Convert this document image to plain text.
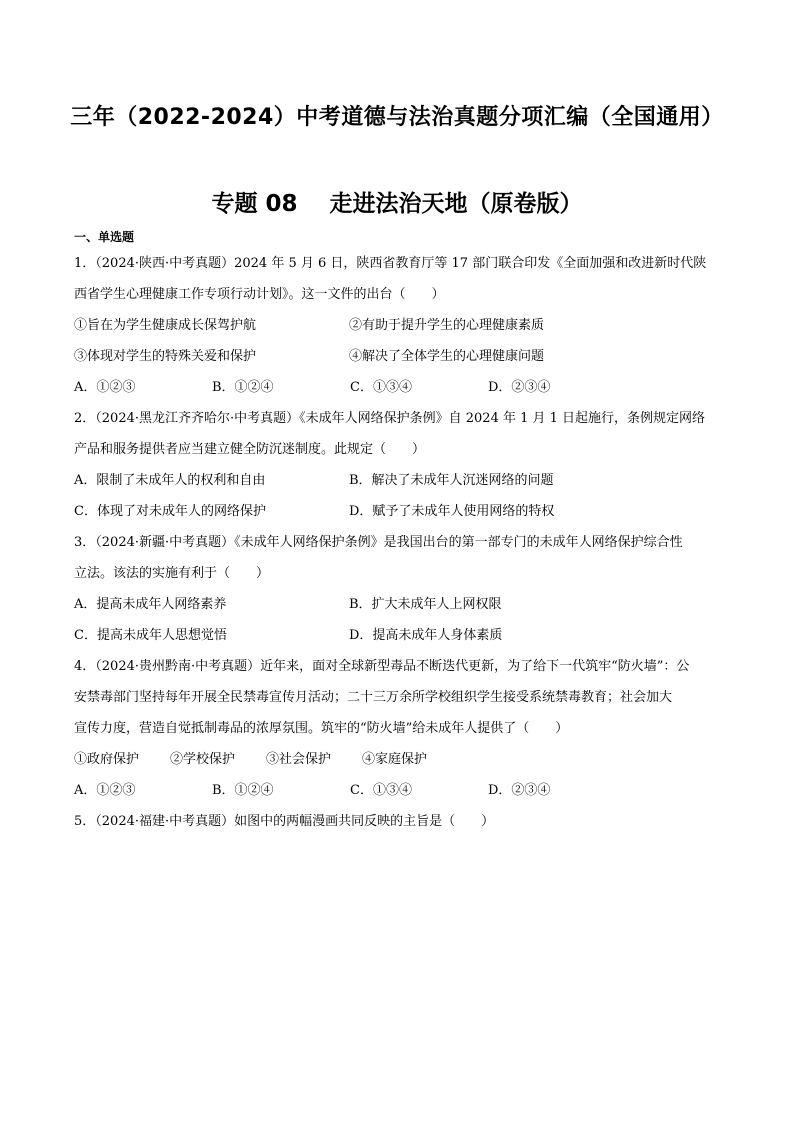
三年（2022-2024）中考道德与法治真题分项汇编（全国通用）
专题 08 走进法治天地（原卷版）
一、单选题
1．（2024·陕西·中考真题）2024 年 5 月 6 日，陕西省教育厅等 17 部门联合印发《全面加强和改进新时代陕
西省学生心理健康工作专项行动计划》。这一文件的出台（　　）
①旨在为学生健康成长保驾护航	②有助于提升学生的心理健康素质
③体现对学生的特殊关爱和保护	④解决了全体学生的心理健康问题
A．①②③	B．①②④	C．①③④	D．②③④
2．（2024·黑龙江齐齐哈尔·中考真题）《未成年人网络保护条例》自 2024 年 1 月 1 日起施行，条例规定网络
产品和服务提供者应当建立健全防沉迷制度。此规定（　　）
A．限制了未成年人的权利和自由	B．解决了未成年人沉迷网络的问题
C．体现了对未成年人的网络保护	D．赋予了未成年人使用网络的特权
3．（2024·新疆·中考真题）《未成年人网络保护条例》是我国出台的第一部专门的未成年人网络保护综合性
立法。该法的实施有利于（　　）
A．提高未成年人网络素养	B．扩大未成年人上网权限
C．提高未成年人思想觉悟	D．提高未成年人身体素质
4．（2024·贵州黔南·中考真题）近年来，面对全球新型毒品不断迭代更新，为了给下一代筑牢“防火墙”：公
安禁毒部门坚持每年开展全民禁毒宣传月活动；二十三万余所学校组织学生接受系统禁毒教育；社会加大
宣传力度，营造自觉抵制毒品的浓厚氛围。筑牢的“防火墙”给未成年人提供了（　　）
①政府保护	②学校保护	③社会保护	④家庭保护
A．①②③	B．①②④	C．①③④	D．②③④
5．（2024·福建·中考真题）如图中的两幅漫画共同反映的主旨是（　　）
